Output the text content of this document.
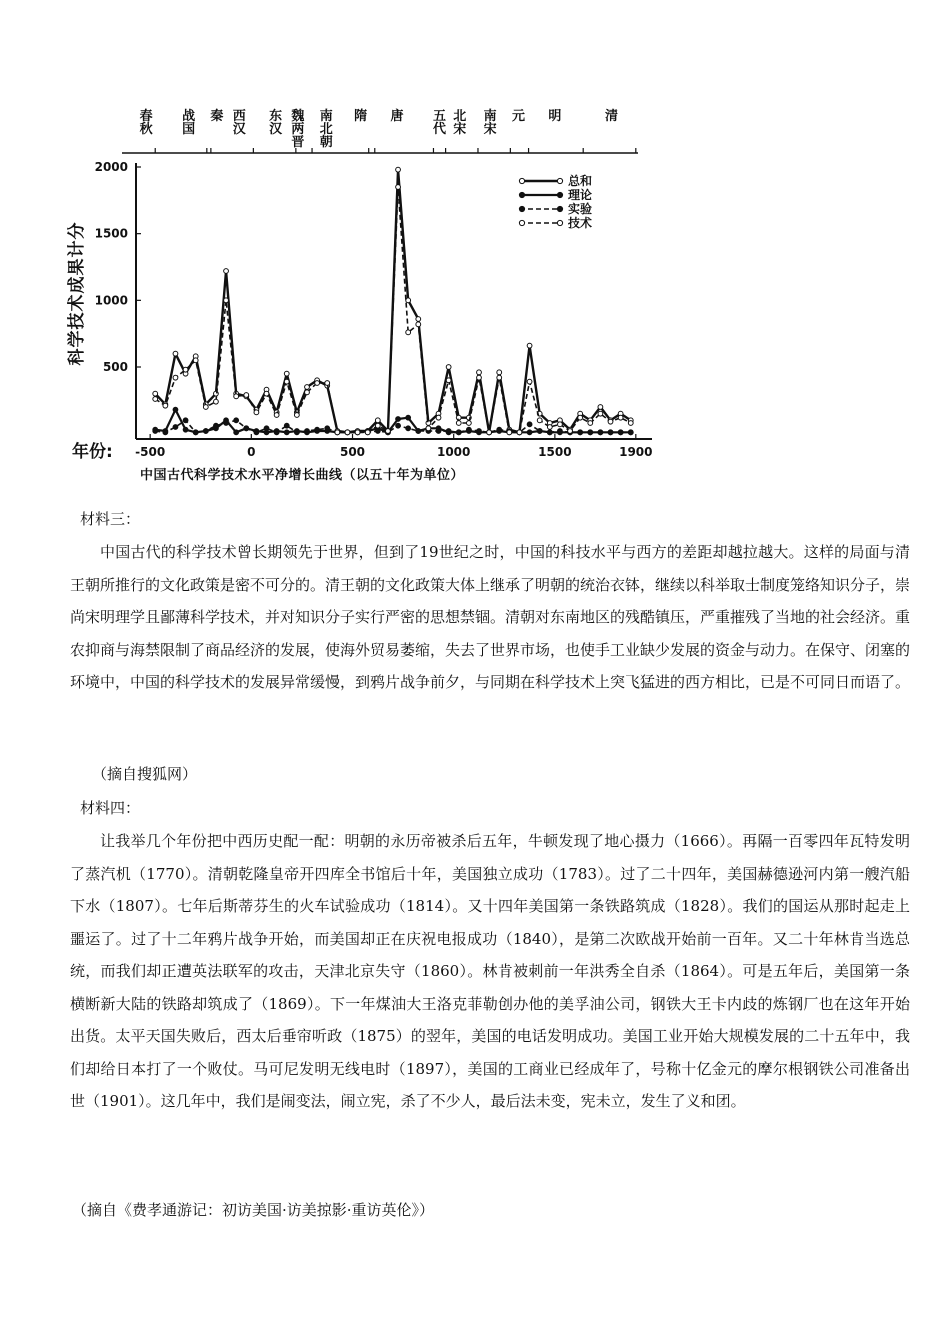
春
秋
战
国
秦 西
汉
东
汉
魏
两
晋
南
北
朝
隋 唐 五
代
北
宋
南
宋
元 明	清
500
1000
1500
2000
-500	0	500	1000	1500	1900
年份:
科
学
技
术
成
果
计
分
中国古代科学技术水平净增长曲线（以五十年为单位）
总和
理论
实验
技术
材料三：

中国古代的科学技术曾长期领先于世界，但到了19世纪之时，中国的科技水平与西方的差距却越拉越大。这样的局面与清王朝所推行的文化政策是密不可分的。清王朝的文化政策大体上继承了明朝的统治衣钵，继续以科举取士制度笼络知识分子，崇尚宋明理学且鄙薄科学技术，并对知识分子实行严密的思想禁锢。清朝对东南地区的残酷镇压，严重摧残了当地的社会经济。重农抑商与海禁限制了商品经济的发展，使海外贸易萎缩，失去了世界市场，也使手工业缺少发展的资金与动力。在保守、闭塞的环境中，中国的科学技术的发展异常缓慢，到鸦片战争前夕，与同期在科学技术上突飞猛进的西方相比，已是不可同日而语了。

（摘自搜狐网）
材料四：

让我举几个年份把中西历史配一配：明朝的永历帝被杀后五年，牛顿发现了地心摄力（1666）。再隔一百零四年瓦特发明了蒸汽机（1770）。清朝乾隆皇帝开四库全书馆后十年，美国独立成功（1783）。过了二十四年，美国赫德逊河内第一艘汽船下水（1807）。七年后斯蒂芬生的火车试验成功（1814）。又十四年美国第一条铁路筑成（1828）。我们的国运从那时起走上噩运了。过了十二年鸦片战争开始，而美国却正在庆祝电报成功（1840），是第二次欧战开始前一百年。又二十年林肯当选总统，而我们却正遭英法联军的攻击，天津北京失守（1860）。林肯被刺前一年洪秀全自杀（1864）。可是五年后，美国第一条横断新大陆的铁路却筑成了（1869）。下一年煤油大王洛克菲勒创办他的美孚油公司，钢铁大王卡内歧的炼钢厂也在这年开始出货。太平天国失败后，西太后垂帘听政（1875）的翌年，美国的电话发明成功。美国工业开始大规模发展的二十五年中，我们却给日本打了一个败仗。马可尼发明无线电时（1897），美国的工商业已经成年了，号称十亿金元的摩尔根钢铁公司准备出世（1901）。这几年中，我们是闹变法，闹立宪，杀了不少人，最后法未变，宪未立，发生了义和团。

（摘自《费孝通游记：初访美国·访美掠影·重访英伦》）
